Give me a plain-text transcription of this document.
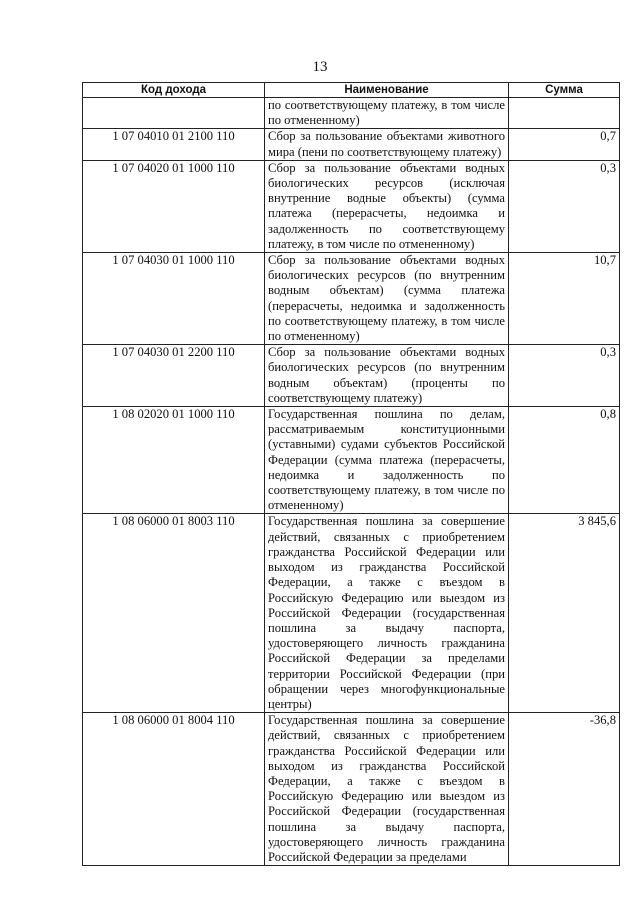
13
Код дохода	Наименование	Сумма
	по соответствующему платежу, в том числе по отмененному)	
1 07 04010 01 2100 110	Сбор за пользование объектами животного мира (пени по соответствующему платежу)	0,7
1 07 04020 01 1000 110	Сбор за пользование объектами водных биологических ресурсов (исключая внутренние водные объекты) (сумма платежа (перерасчеты, недоимка и задолженность по соответствующему платежу, в том числе по отмененному)	0,3
1 07 04030 01 1000 110	Сбор за пользование объектами водных биологических ресурсов (по внутренним водным объектам) (сумма платежа (перерасчеты, недоимка и задолженность по соответствующему платежу, в том числе по отмененному)	10,7
1 07 04030 01 2200 110	Сбор за пользование объектами водных биологических ресурсов (по внутренним водным объектам) (проценты по соответствующему платежу)	0,3
1 08 02020 01 1000 110	Государственная пошлина по делам, рассматриваемым конституционными (уставными) судами субъектов Российской Федерации (сумма платежа (перерасчеты, недоимка и задолженность по соответствующему платежу, в том числе по отмененному)	0,8
1 08 06000 01 8003 110	Государственная пошлина за совершение действий, связанных с приобретением гражданства Российской Федерации или выходом из гражданства Российской Федерации, а также с въездом в Российскую Федерацию или выездом из Российской Федерации (государственная пошлина за выдачу паспорта, удостоверяющего личность гражданина Российской Федерации за пределами территории Российской Федерации (при обращении через многофункциональные центры)	3 845,6
1 08 06000 01 8004 110	Государственная пошлина за совершение действий, связанных с приобретением гражданства Российской Федерации или выходом из гражданства Российской Федерации, а также с въездом в Российскую Федерацию или выездом из Российской Федерации (государственная пошлина за выдачу паспорта, удостоверяющего личность гражданина Российской Федерации за пределами	-36,8
